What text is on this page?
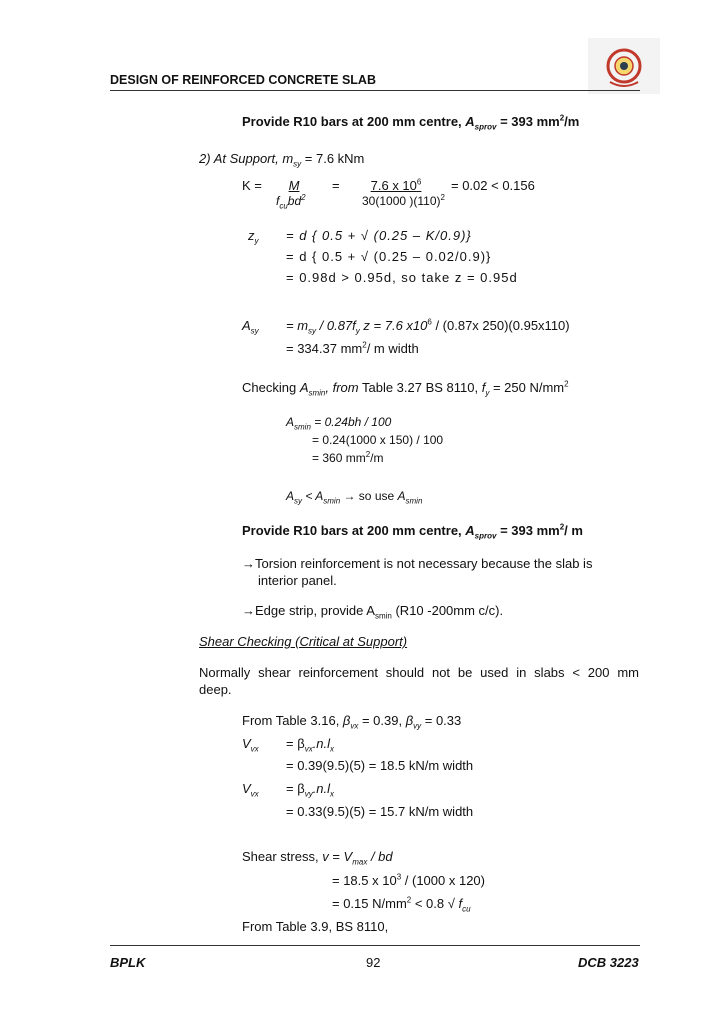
DESIGN OF REINFORCED CONCRETE SLAB
Provide R10 bars at 200 mm centre, $A_{sprov} = 393$ $mm^2/m$
2) At Support, $m_{sy} = 7.6$ kNm
K =	M
$f_{cu}bd^2$
=	7.6 x $10^6$
30(1000 )$(110)^2$
= 0.02 < 0.156
$z_y = d$ { 0.5 + √ (0.25 – K/0.9)}
= d { 0.5 + √ (0.25 – 0.02/0.9)}
= 0.98d > 0.95d, so take z = 0.95d
$A_{sy} = m_{sy} / 0.87f_y$ z = 7.6 $x10^6 / (0.87x$ 250)(0.95x110)
= 334.37 $mm^2/$ m width
Checking $A_{smin}$, from Table 3.27 BS 8110, $f_y = 250$ $N/mm^2$
$A_{smin} = 0.24bh / 100$
= 0.24(1000 x 150) / 100
= 360 $mm^2/m$
$A_{sy} < A_{smin}$ → so use $A_{smin}$
Provide R10 bars at 200 mm centre, $A_{sprov} = 393$ $mm^2/$ m
→Torsion reinforcement is not necessary because the slab is
interior panel.
→Edge strip, provide $A_{smin}$ (R10 -200mm c/c).
Shear Checking (Critical at Support)
Normally shear reinforcement should not be used in slabs < 200 mm
deep.
From Table 3.16, $\beta_{vx} = 0.39$, $\beta_{vy} = 0.33$
$V_{vx} = \beta_{vx}.n.l_x$
= 0.39(9.5)(5) = 18.5 kN/m width
$V_{vx} = \beta_{vy}.n.l_x$
= 0.33(9.5)(5) = 15.7 kN/m width
Shear stress, $v = V_{max}$ / bd
= 18.5 x $10^3 / (1000$ x 120)
= 0.15 $N/mm^2 < 0.8$ √ $f_{cu}$
From Table 3.9, BS 8110,
BPLK	92	DCB 3223
